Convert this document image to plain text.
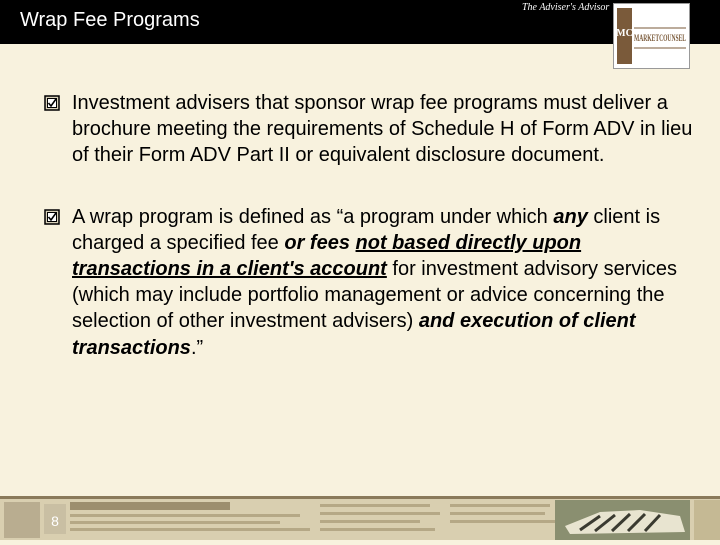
Wrap Fee Programs
The Adviser's Advisor
MC MARKETCOUNSEL
Investment advisers that sponsor wrap fee programs must deliver a brochure meeting the requirements of Schedule H of Form ADV in lieu of their Form ADV Part II or equivalent disclosure document.
A wrap program is defined as “a program under which any client is charged a specified fee or fees not based directly upon transactions in a client's account for investment advisory services (which may include portfolio management or advice concerning the selection of other investment advisers) and execution of client transactions.”
8
